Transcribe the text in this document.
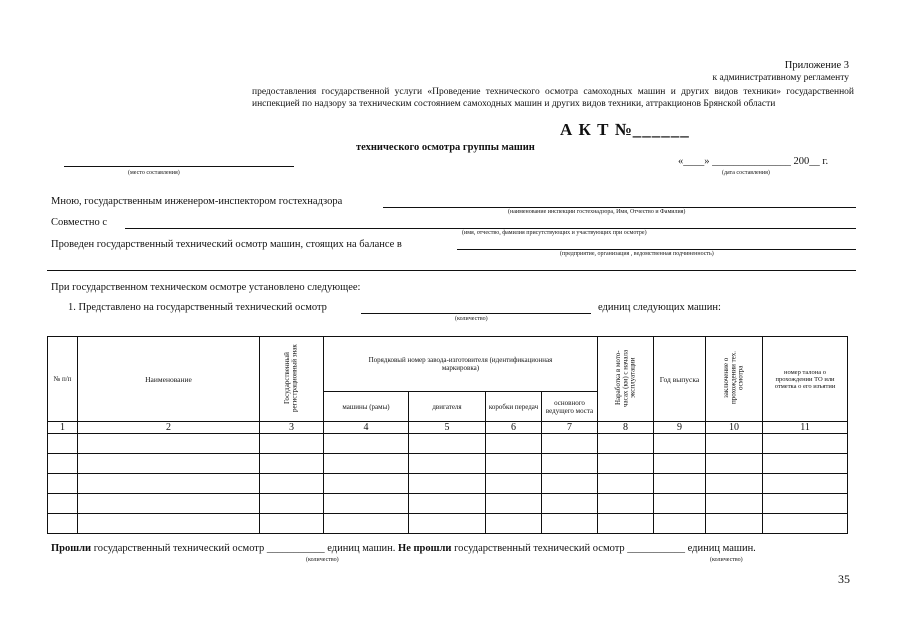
Приложение 3
к административному регламенту
предоставления государственной услуги «Проведение технического осмотра самоходных машин и других видов техники» государственной инспекцией по надзору за техническим состоянием самоходных машин и других видов техники, аттракционов Брянской области
А К Т №______
технического осмотра группы машин
(место составления)
«____» _______________ 200__ г.
(дата составления)
Мною, государственным инженером-инспектором гостехнадзора
(наименование инспекции гостехнадзора, Имя, Отчество и Фамилия)
Совместно с
(имя, отчество, фамилия присутствующих и участвующих при осмотре)
Проведен государственный технический осмотр машин, стоящих на балансе в
(предприятие, организация , ведомственная подчиненность)
При государственном техническом осмотре установлено следующее:
1. Представлено на государственный технический осмотр
(количество)
единиц следующих машин:
№ п/п	Наименование	Государственный регистрационный знак	Порядковый номер завода-изготовителя (идентификационная маркировка)				Наработка в мото-часах (км) с начала эксплуатации	Год выпуска	заключение о прохождении тех. осмотра	номер талона о прохождении ТО или отметка о его изъятии
			машины (рамы)	двигателя	коробки передач	основного ведущего моста				
1	2	3	4	5	6	7	8	9	10	11

Прошли государственный технический осмотр ___________ единиц машин. Не прошли государственный технический осмотр ___________ единиц машин.
(количество)	(количество)
35
